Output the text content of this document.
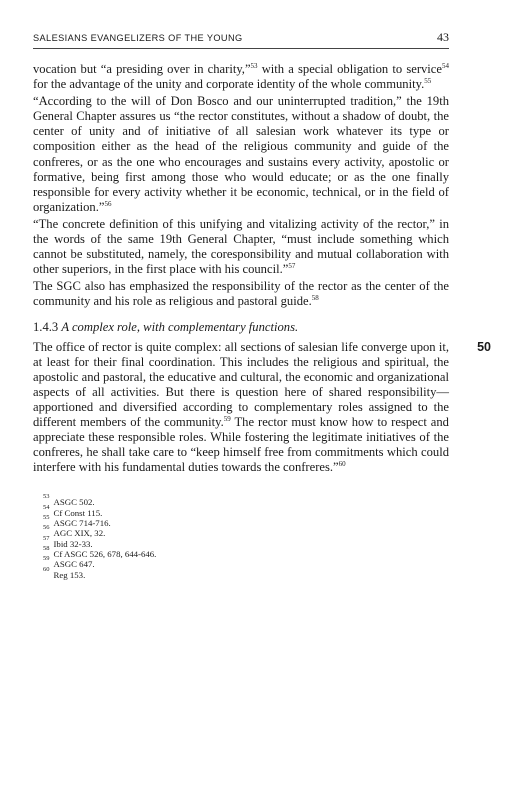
SALESIANS EVANGELIZERS OF THE YOUNG	43

vocation but “a presiding over in charity,”$^{53}$ with a special obligation to service$^{54}$ for the advantage of the unity and corporate identity of the whole community.$^{55}$

“According to the will of Don Bosco and our uninterrupted tradition,” the 19th General Chapter assures us “the rector constitutes, without a shadow of doubt, the center of unity and of initiative of all salesian work whatever its type or composition either as the head of the religious community and guide of the confreres, or as the one who encourages and sustains every activity, apostolic or formative, being first among those who would educate; or as the one finally responsible for every activity whether it be economic, technical, or in the field of organization.”$^{56}$

“The concrete definition of this unifying and vitalizing activity of the rector,” in the words of the same 19th General Chapter, “must include something which cannot be substituted, namely, the coresponsibility and mutual collaboration with other superiors, in the first place with his council.”$^{57}$

The SGC also has emphasized the responsibility of the rector as the center of the community and his role as religious and pastoral guide.$^{58}$

1.4.3 A complex role, with complementary functions.
50

The office of rector is quite complex: all sections of salesian life converge upon it, at least for their final coordination. This includes the religious and spiritual, the apostolic and pastoral, the educative and cultural, the economic and organizational aspects of all activities. But there is question here of shared responsibility—apportioned and diversified according to complementary roles assigned to the different members of the community.$^{59}$ The rector must know how to respect and appreciate these responsible roles. While fostering the legitimate initiatives of the confreres, he shall take care to “keep himself free from commitments which could interfere with his fundamental duties towards the confreres.”$^{60}$

53
ASGC 502.
54
Cf Const 115.
55
ASGC 714-716.
56
AGC XIX, 32.
57
Ibid 32-33.
58
Cf ASGC 526, 678, 644-646.
59
ASGC 647.
60
Reg 153.
